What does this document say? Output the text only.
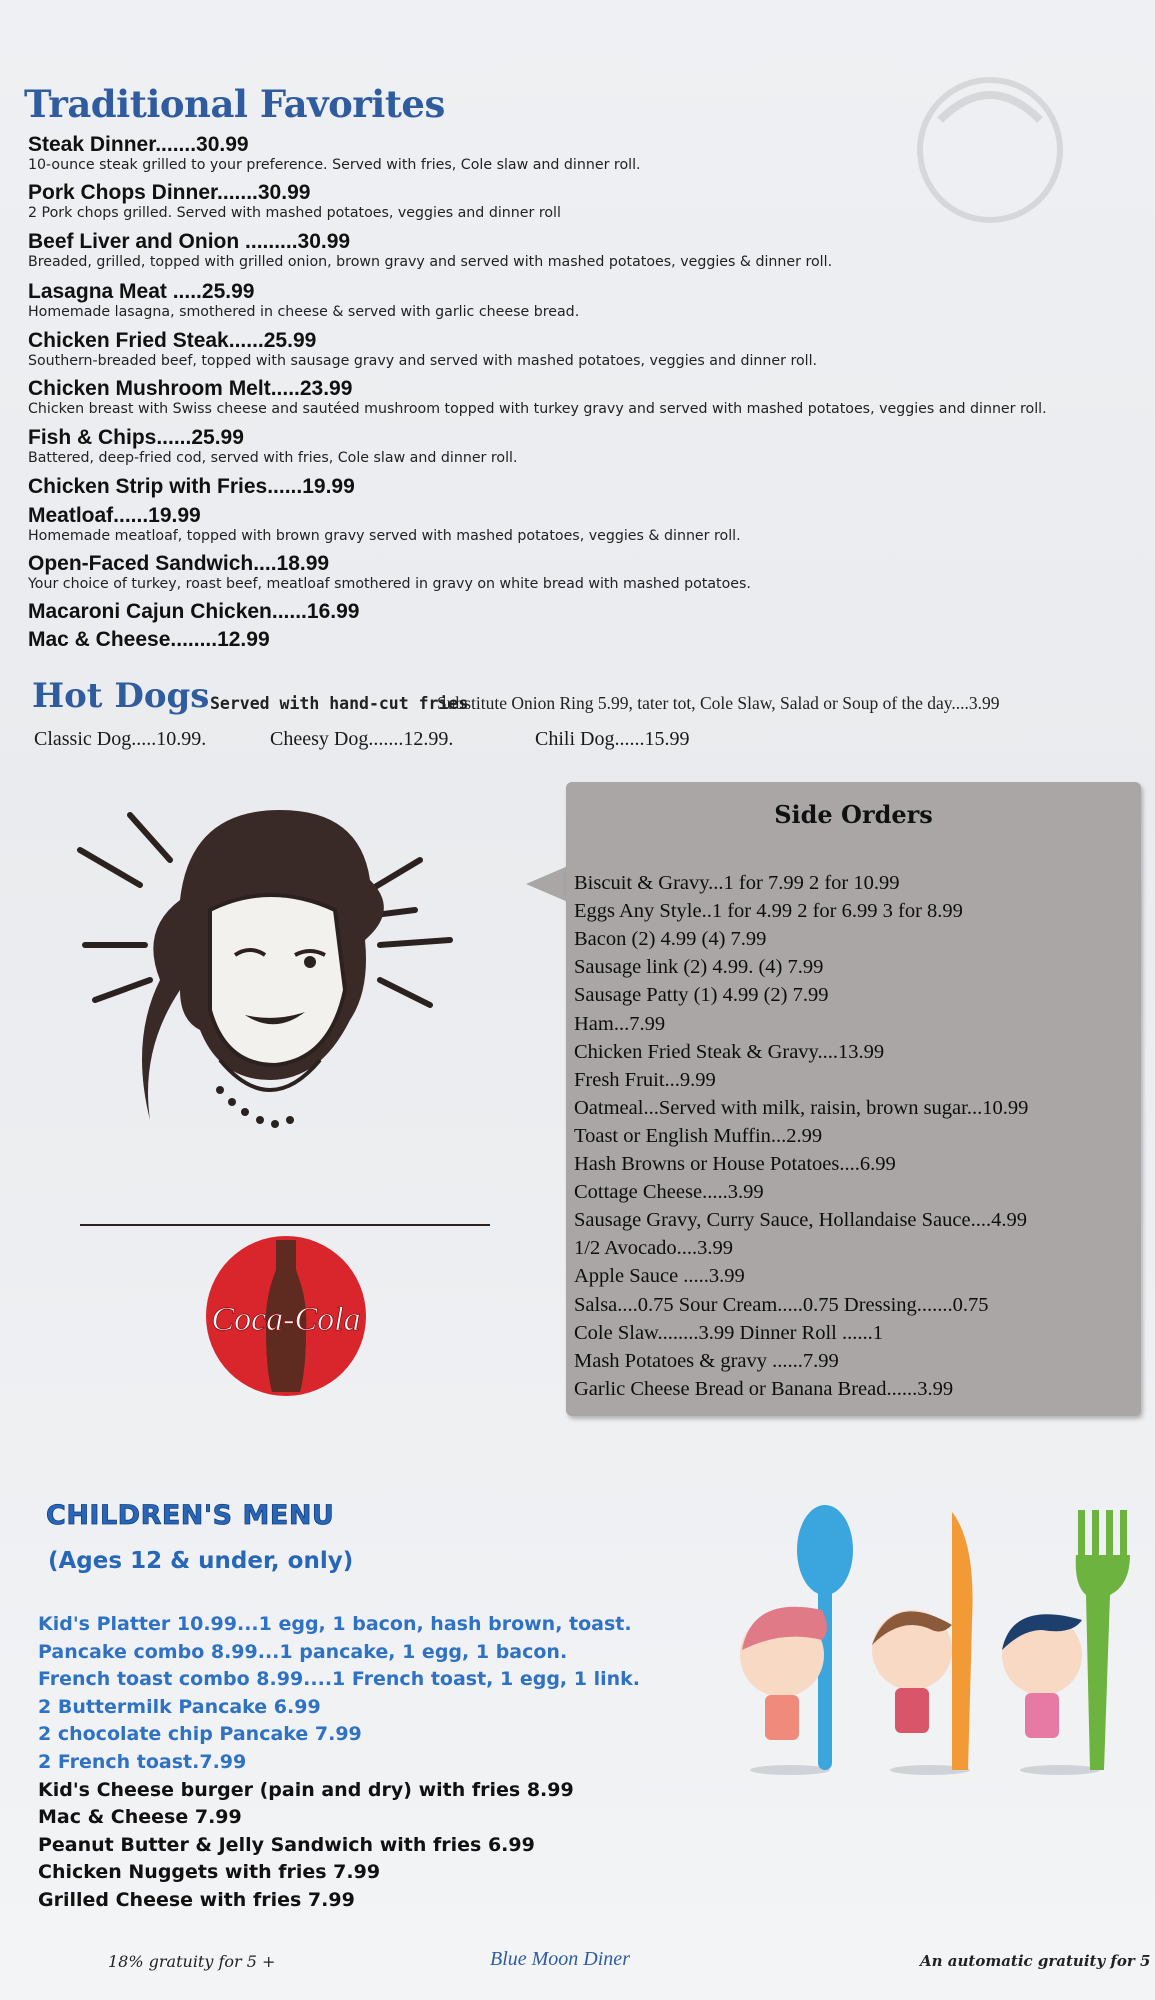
Traditional Favorites
Steak Dinner.......30.99
10-ounce steak grilled to your preference. Served with fries, Cole slaw and dinner roll.
Pork Chops Dinner.......30.99
2 Pork chops grilled. Served with mashed potatoes, veggies and dinner roll
Beef Liver and Onion .........30.99
Breaded, grilled, topped with grilled onion, brown gravy and served with mashed potatoes, veggies & dinner roll.
Lasagna Meat .....25.99
Homemade lasagna, smothered in cheese & served with garlic cheese bread.
Chicken Fried Steak......25.99
Southern-breaded beef, topped with sausage gravy and served with mashed potatoes, veggies and dinner roll.
Chicken Mushroom Melt.....23.99
Chicken breast with Swiss cheese and sautéed mushroom topped with turkey gravy and served with mashed potatoes, veggies and dinner roll.
Fish & Chips......25.99
Battered, deep-fried cod, served with fries, Cole slaw and dinner roll.
Chicken Strip with Fries......19.99
Meatloaf......19.99
Homemade meatloaf, topped with brown gravy served with mashed potatoes, veggies & dinner roll.
Open-Faced Sandwich....18.99
Your choice of turkey, roast beef, meatloaf smothered in gravy on white bread with mashed potatoes.
Macaroni Cajun Chicken......16.99
Mac & Cheese........12.99
Hot Dogs Served with hand-cut fries
Substitute Onion Ring 5.99, tater tot, Cole Slaw, Salad or Soup of the day....3.99
Classic Dog.....10.99.	Cheesy Dog.......12.99.	Chili Dog......15.99
Coca-Cola
Side Orders
Biscuit & Gravy...1 for 7.99 2 for 10.99
Eggs Any Style..1 for 4.99 2 for 6.99 3 for 8.99
Bacon (2) 4.99 (4) 7.99
Sausage link (2) 4.99. (4) 7.99
Sausage Patty (1) 4.99 (2) 7.99
Ham...7.99
Chicken Fried Steak & Gravy....13.99
Fresh Fruit...9.99
Oatmeal...Served with milk, raisin, brown sugar...10.99
Toast or English Muffin...2.99
Hash Browns or House Potatoes....6.99
Cottage Cheese.....3.99
Sausage Gravy, Curry Sauce, Hollandaise Sauce....4.99
1/2 Avocado....3.99
Apple Sauce .....3.99
Salsa....0.75 Sour Cream.....0.75 Dressing.......0.75
Cole Slaw........3.99 Dinner Roll ......1
Mash Potatoes & gravy ......7.99
Garlic Cheese Bread or Banana Bread......3.99
CHILDREN'S MENU
(Ages 12 & under, only)
Kid's Platter 10.99...1 egg, 1 bacon, hash brown, toast.
Pancake combo 8.99...1 pancake, 1 egg, 1 bacon.
French toast combo 8.99....1 French toast, 1 egg, 1 link.
2 Buttermilk Pancake 6.99
2 chocolate chip Pancake 7.99
2 French toast.7.99
Kid's Cheese burger (pain and dry) with fries 8.99
Mac & Cheese 7.99
Peanut Butter & Jelly Sandwich with fries 6.99
Chicken Nuggets with fries 7.99
Grilled Cheese with fries 7.99
18% gratuity for 5 +	Blue Moon Diner	An automatic gratuity for 5
